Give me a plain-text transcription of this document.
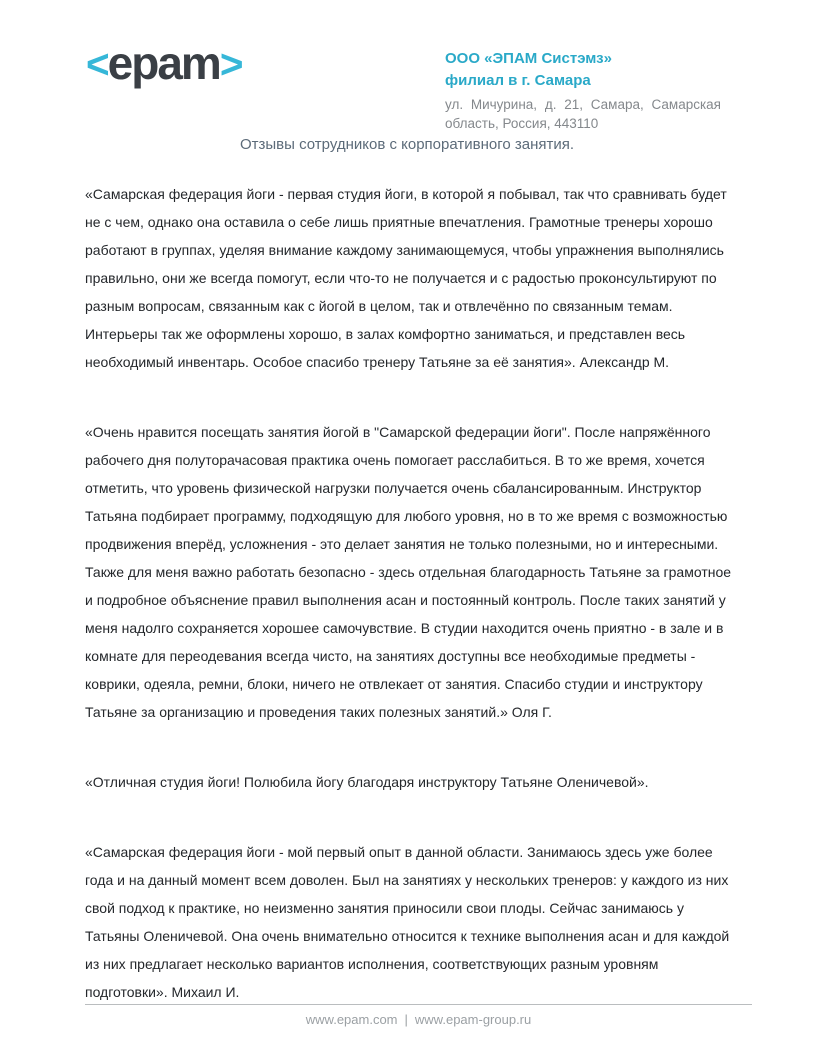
<epam>	ООО «ЭПАМ Систэмз»
филиал в г. Самара
ул. Мичурина, д. 21, Самара, Самарская область, Россия, 443110
Отзывы сотрудников с корпоративного занятия.

«Самарская федерация йоги - первая студия йоги, в которой я побывал, так что сравнивать будет не с чем, однако она оставила о себе лишь приятные впечатления. Грамотные тренеры хорошо работают в группах, уделяя внимание каждому занимающемуся, чтобы упражнения выполнялись правильно, они же всегда помогут, если что-то не получается и с радостью проконсультируют по разным вопросам, связанным как с йогой в целом, так и отвлечённо по связанным темам. Интерьеры так же оформлены хорошо, в залах комфортно заниматься, и представлен весь необходимый инвентарь. Особое спасибо тренеру Татьяне за её занятия». Александр М.

«Очень нравится посещать занятия йогой в "Самарской федерации йоги". После напряжённого рабочего дня полуторачасовая практика очень помогает расслабиться. В то же время, хочется отметить, что уровень физической нагрузки получается очень сбалансированным. Инструктор Татьяна подбирает программу, подходящую для любого уровня, но в то же время с возможностью продвижения вперёд, усложнения - это делает занятия не только полезными, но и интересными. Также для меня важно работать безопасно - здесь отдельная благодарность Татьяне за грамотное и подробное объяснение правил выполнения асан и постоянный контроль. После таких занятий у меня надолго сохраняется хорошее самочувствие. В студии находится очень приятно - в зале и в комнате для переодевания всегда чисто, на занятиях доступны все необходимые предметы - коврики, одеяла, ремни, блоки, ничего не отвлекает от занятия. Спасибо студии и инструктору Татьяне за организацию и проведения таких полезных занятий.» Оля Г.

«Отличная студия йоги! Полюбила йогу благодаря инструктору Татьяне Оленичевой».

«Самарская федерация йоги - мой первый опыт в данной области. Занимаюсь здесь уже более года и на данный момент всем доволен. Был на занятиях у нескольких тренеров: у каждого из них свой подход к практике, но неизменно занятия приносили свои плоды. Сейчас занимаюсь у Татьяны Оленичевой. Она очень внимательно относится к технике выполнения асан и для каждой из них предлагает несколько вариантов исполнения, соответствующих разным уровням подготовки». Михаил И.

www.epam.com | www.epam-group.ru
